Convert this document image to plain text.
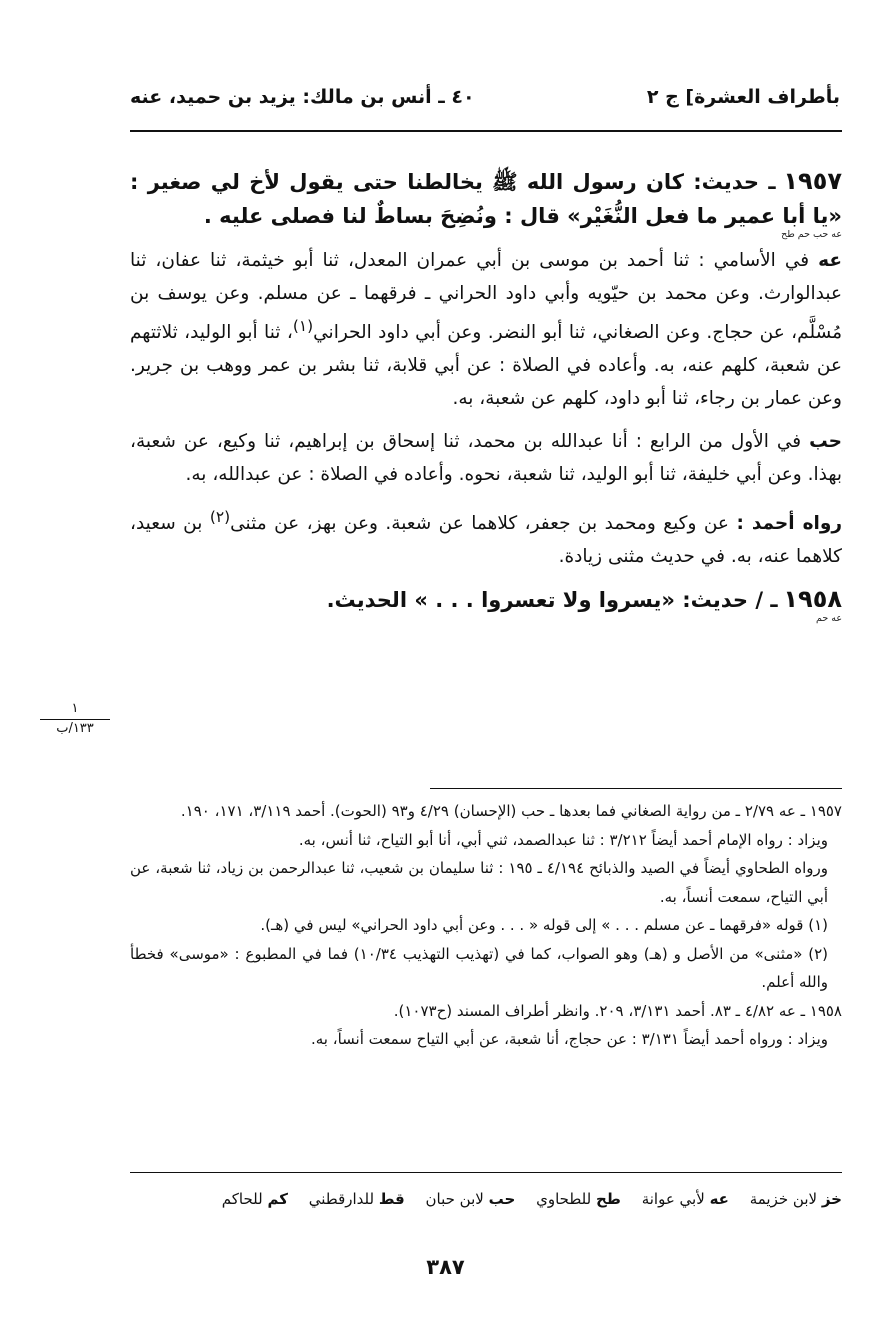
بأطراف العشرة] ج ٢
٤٠ ـ أنس بن مالك: يزيد بن حميد، عنه

١٩٥٧ ـ حديث: كان رسول الله ﷺ يخالطنا حتى يقول لأخ لي صغير : «يا أبا عمير ما فعل النُّغَيْر» قال : ونُضِحَ بساطٌ لنا فصلى عليه .
عه حب حم طح

عه في الأسامي : ثنا أحمد بن موسى بن أبي عمران المعدل، ثنا أبو خيثمة، ثنا عفان، ثنا عبدالوارث. وعن محمد بن حيّويه وأبي داود الحراني ـ فرقهما ـ عن مسلم. وعن يوسف بن مُسْلَّم، عن حجاج. وعن الصغاني، ثنا أبو النضر. وعن أبي داود الحراني$^{(١)}$، ثنا أبو الوليد، ثلاثتهم عن شعبة، كلهم عنه، به. وأعاده في الصلاة : عن أبي قلابة، ثنا بشر بن عمر ووهب بن جرير. وعن عمار بن رجاء، ثنا أبو داود، كلهم عن شعبة، به.

حب في الأول من الرابع : أنا عبدالله بن محمد، ثنا إسحاق بن إبراهيم، ثنا وكيع، عن شعبة، بهذا. وعن أبي خليفة، ثنا أبو الوليد، ثنا شعبة، نحوه. وأعاده في الصلاة : عن عبدالله، به.

رواه أحمد : عن وكيع ومحمد بن جعفر، كلاهما عن شعبة. وعن بهز، عن مثنى$^{(٢)}$ بن سعيد، كلاهما عنه، به. في حديث مثنى زيادة.

١٩٥٨ ـ / حديث: «يسروا ولا تعسروا . . . » الحديث.
عه حم

١
١٣٣/ب

١٩٥٧ ـ عه ٢/٧٩ ـ من رواية الصغاني فما بعدها ـ حب (الإحسان) ٤/٢٩ و٩٣ (الحوت). أحمد ٣/١١٩، ١٧١، ١٩٠.

ويزاد : رواه الإمام أحمد أيضاً ٣/٢١٢ : ثنا عبدالصمد، ثني أبي، أنا أبو التياح، ثنا أنس، به.

ورواه الطحاوي أيضاً في الصيد والذبائح ٤/١٩٤ ـ ١٩٥ : ثنا سليمان بن شعيب، ثنا عبدالرحمن بن زياد، ثنا شعبة، عن أبي التياح، سمعت أنساً، به.

(١) قوله «فرقهما ـ عن مسلم . . . » إلى قوله « . . . وعن أبي داود الحراني» ليس في (هـ).

(٢) «مثنى» من الأصل و (هـ) وهو الصواب، كما في (تهذيب التهذيب ١٠/٣٤) فما في المطبوع : «موسى» فخطأ والله أعلم.

١٩٥٨ ـ عه ٤/٨٢ ـ ٨٣. أحمد ٣/١٣١، ٢٠٩. وانظر أطراف المسند (ح١٠٧٣).

ويزاد : ورواه أحمد أيضاً ٣/١٣١ : عن حجاج، أنا شعبة، عن أبي التياح سمعت أنساً، به.

خز لابن خزيمة عه لأبي عوانة طح للطحاوي حب لابن حبان قط للدارقطني كم للحاكم
٣٨٧
